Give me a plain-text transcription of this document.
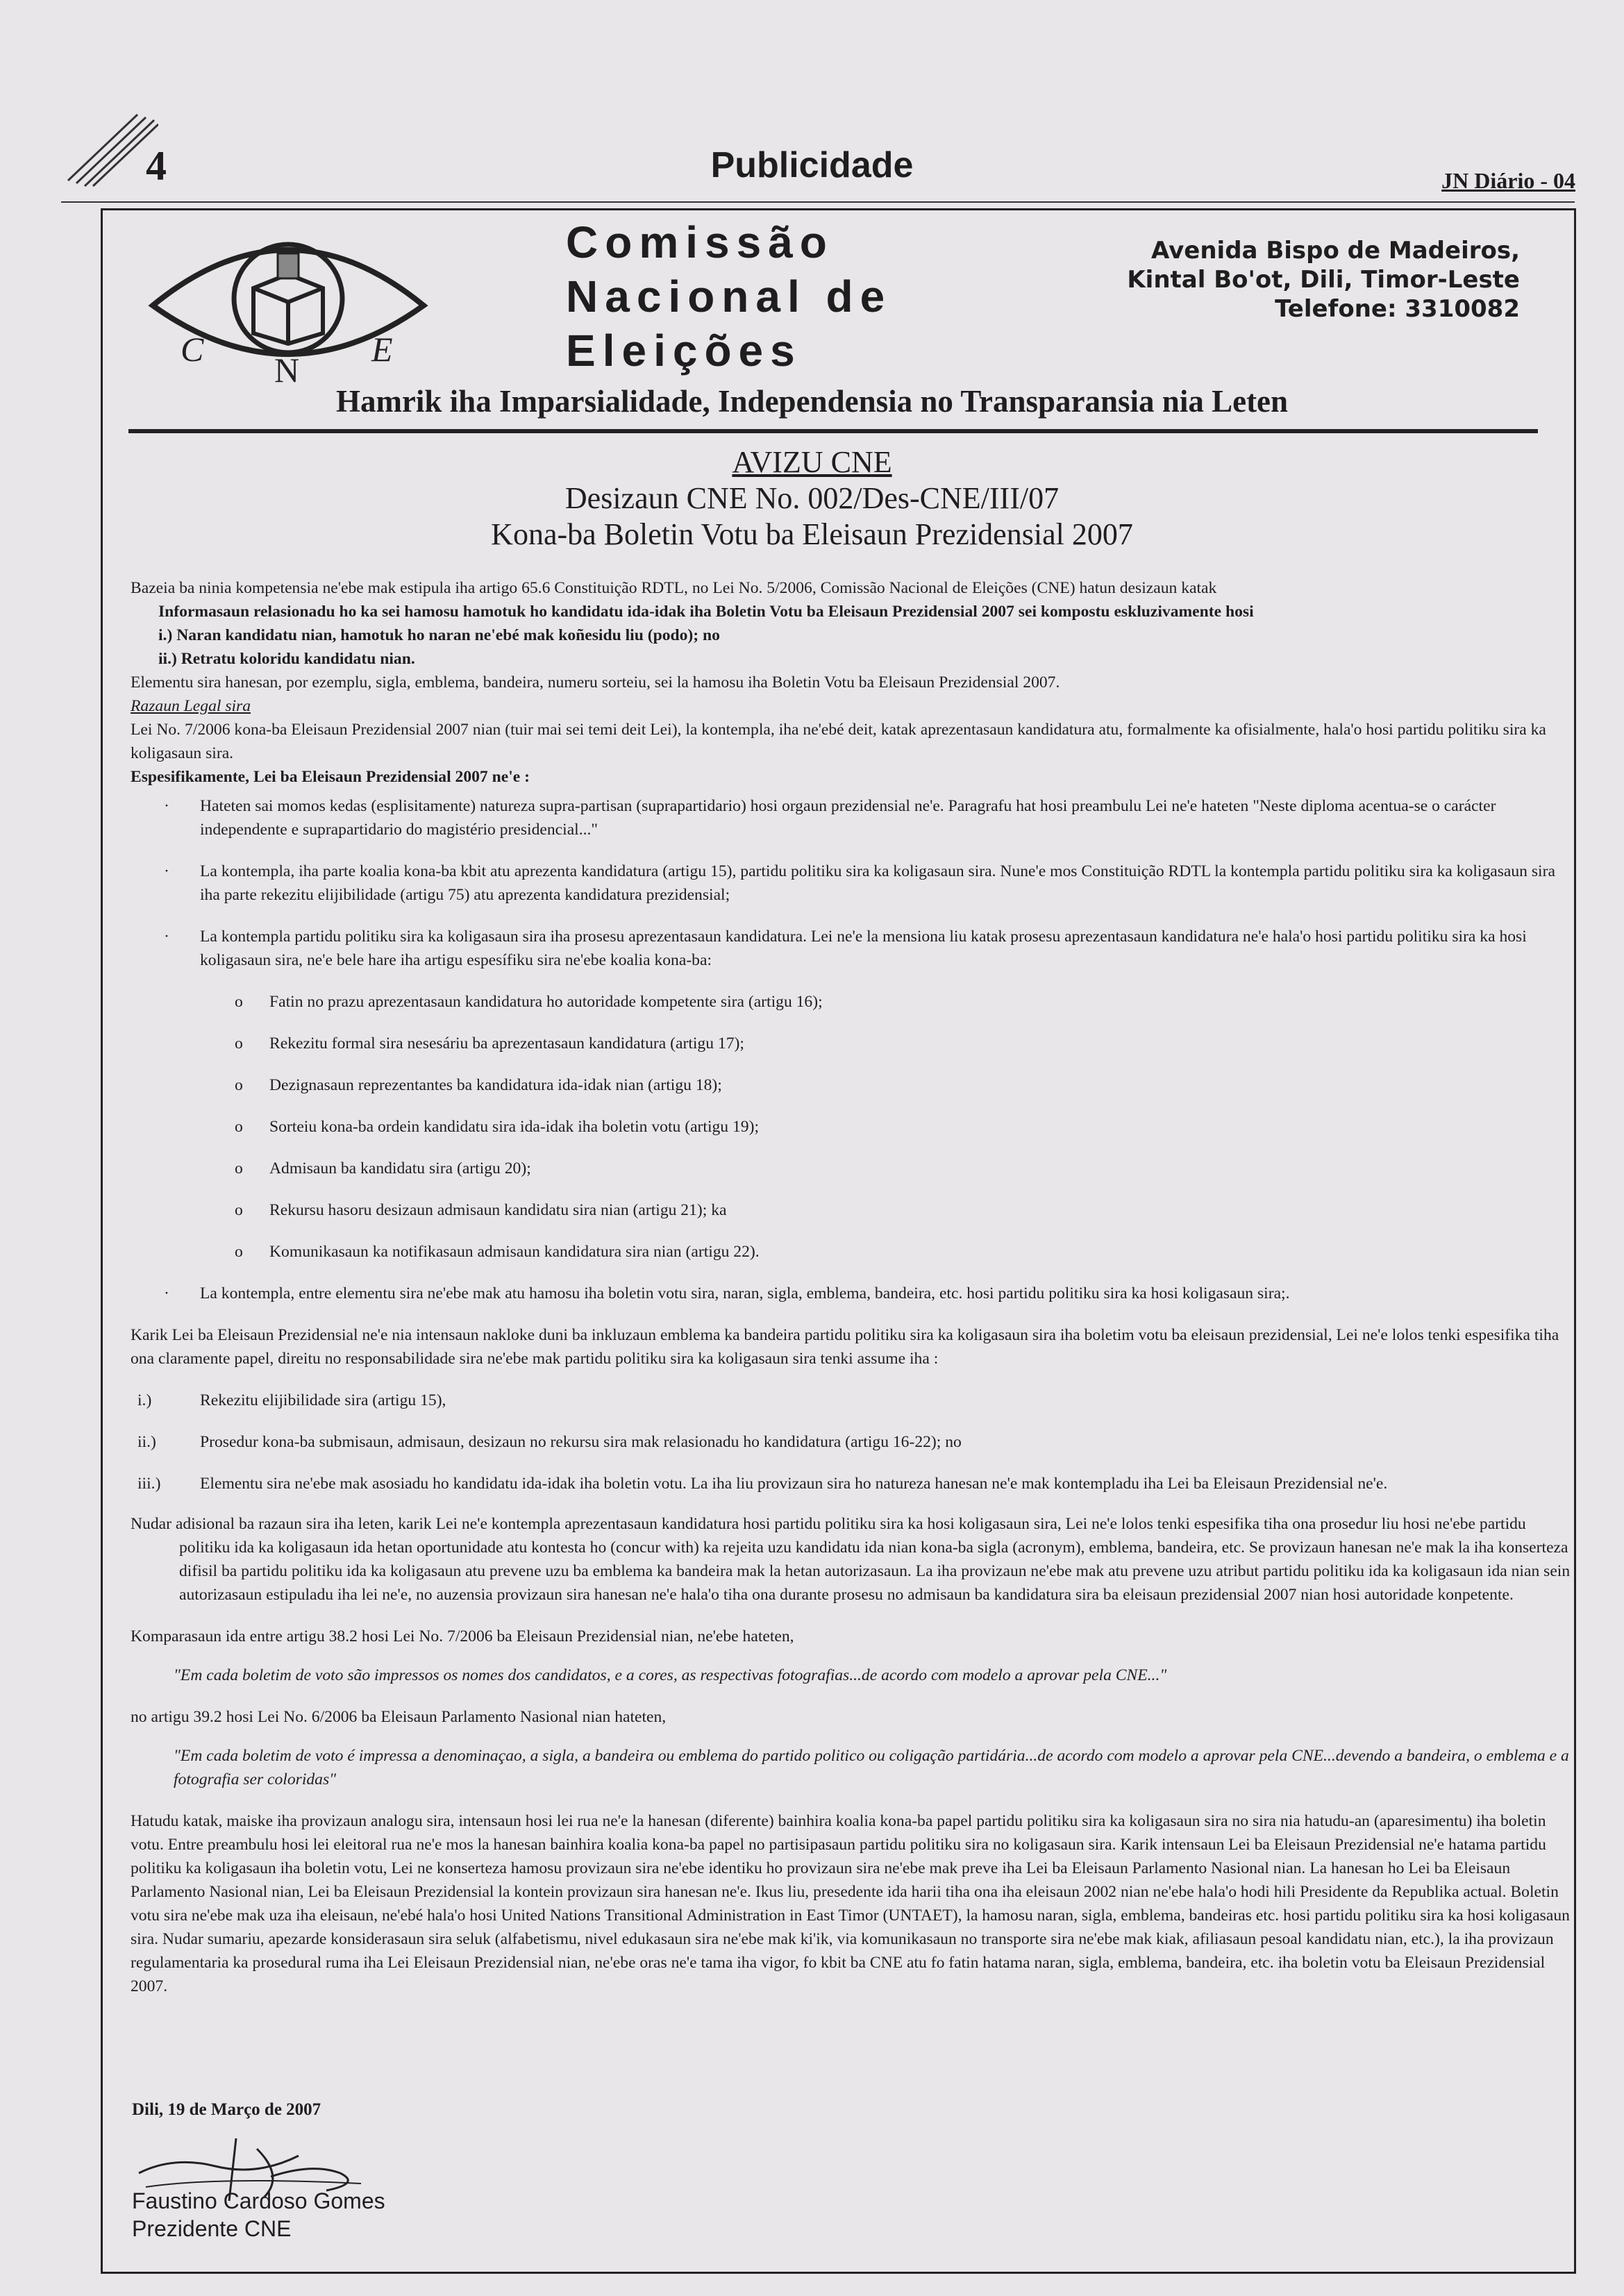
4	Publicidade	JN Diário - 04
C
N
E
Comissão
Nacional de
Eleições
Avenida Bispo de Madeiros,
Kintal Bo'ot, Dili, Timor-Leste
Telefone: 3310082
Hamrik iha Imparsialidade, Independensia no Transparansia nia Leten
AVIZU CNE
Desizaun CNE No. 002/Des-CNE/III/07
Kona-ba Boletin Votu ba Eleisaun Prezidensial 2007

Bazeia ba ninia kompetensia ne'ebe mak estipula iha artigo 65.6 Constituição RDTL, no Lei No. 5/2006, Comissão Nacional de Eleições (CNE) hatun desizaun katak

Informasaun relasionadu ho ka sei hamosu hamotuk ho kandidatu ida-idak iha Boletin Votu ba Eleisaun Prezidensial 2007 sei kompostu eskluzivamente hosi

i.) Naran kandidatu nian, hamotuk ho naran ne'ebé mak koñesidu liu (podo); no

ii.) Retratu koloridu kandidatu nian.

Elementu sira hanesan, por ezemplu, sigla, emblema, bandeira, numeru sorteiu, sei la hamosu iha Boletin Votu ba Eleisaun Prezidensial 2007.

Razaun Legal sira

Lei No. 7/2006 kona-ba Eleisaun Prezidensial 2007 nian (tuir mai sei temi deit Lei), la kontempla, iha ne'ebé deit, katak aprezentasaun kandidatura atu, formalmente ka ofisialmente, hala'o hosi partidu politiku sira ka koligasaun sira.

Espesifikamente, Lei ba Eleisaun Prezidensial 2007 ne'e :

· Hateten sai momos kedas (esplisitamente) natureza supra-partisan (suprapartidario) hosi orgaun prezidensial ne'e. Paragrafu hat hosi preambulu Lei ne'e hateten "Neste diploma acentua-se o carácter independente e suprapartidario do magistério presidencial..."

· La kontempla, iha parte koalia kona-ba kbit atu aprezenta kandidatura (artigu 15), partidu politiku sira ka koligasaun sira. Nune'e mos Constituição RDTL la kontempla partidu politiku sira ka koligasaun sira iha parte rekezitu elijibilidade (artigu 75) atu aprezenta kandidatura prezidensial;

· La kontempla partidu politiku sira ka koligasaun sira iha prosesu aprezentasaun kandidatura. Lei ne'e la mensiona liu katak prosesu aprezentasaun kandidatura ne'e hala'o hosi partidu politiku sira ka hosi koligasaun sira, ne'e bele hare iha artigu espesífiku sira ne'ebe koalia kona-ba:

o Fatin no prazu aprezentasaun kandidatura ho autoridade kompetente sira (artigu 16);

o Rekezitu formal sira nesesáriu ba aprezentasaun kandidatura (artigu 17);

o Dezignasaun reprezentantes ba kandidatura ida-idak nian (artigu 18);

o Sorteiu kona-ba ordein kandidatu sira ida-idak iha boletin votu (artigu 19);

o Admisaun ba kandidatu sira (artigu 20);

o Rekursu hasoru desizaun admisaun kandidatu sira nian (artigu 21); ka

o Komunikasaun ka notifikasaun admisaun kandidatura sira nian (artigu 22).

· La kontempla, entre elementu sira ne'ebe mak atu hamosu iha boletin votu sira, naran, sigla, emblema, bandeira, etc. hosi partidu politiku sira ka hosi koligasaun sira;.

Karik Lei ba Eleisaun Prezidensial ne'e nia intensaun nakloke duni ba inkluzaun emblema ka bandeira partidu politiku sira ka koligasaun sira iha boletim votu ba eleisaun prezidensial, Lei ne'e lolos tenki espesifika tiha ona claramente papel, direitu no responsabilidade sira ne'ebe mak partidu politiku sira ka koligasaun sira tenki assume iha :

i.)	Rekezitu elijibilidade sira (artigu 15),

ii.)	Prosedur kona-ba submisaun, admisaun, desizaun no rekursu sira mak relasionadu ho kandidatura (artigu 16-22); no

iii.) Elementu sira ne'ebe mak asosiadu ho kandidatu ida-idak iha boletin votu. La iha liu provizaun sira ho natureza hanesan ne'e mak kontempladu iha Lei ba Eleisaun Prezidensial ne'e.

Nudar adisional ba razaun sira iha leten, karik Lei ne'e kontempla aprezentasaun kandidatura hosi partidu politiku sira ka hosi koligasaun sira, Lei ne'e lolos tenki espesifika tiha ona prosedur liu hosi ne'ebe partidu politiku ida ka koligasaun ida hetan oportunidade atu kontesta ho (concur with) ka rejeita uzu kandidatu ida nian kona-ba sigla (acronym), emblema, bandeira, etc. Se provizaun hanesan ne'e mak la iha konserteza difisil ba partidu politiku ida ka koligasaun atu prevene uzu ba emblema ka bandeira mak la hetan autorizasaun. La iha provizaun ne'ebe mak atu prevene uzu atribut partidu politiku ida ka koligasaun ida nian sein autorizasaun estipuladu iha lei ne'e, no auzensia provizaun sira hanesan ne'e hala'o tiha ona durante prosesu no admisaun ba kandidatura sira ba eleisaun prezidensial 2007 nian hosi autoridade konpetente.

Komparasaun ida entre artigu 38.2 hosi Lei No. 7/2006 ba Eleisaun Prezidensial nian, ne'ebe hateten,

"Em cada boletim de voto são impressos os nomes dos candidatos, e a cores, as respectivas fotografias...de acordo com modelo a aprovar pela CNE..."

no artigu 39.2 hosi Lei No. 6/2006 ba Eleisaun Parlamento Nasional nian hateten,

"Em cada boletim de voto é impressa a denominaçao, a sigla, a bandeira ou emblema do partido politico ou coligação partidária...de acordo com modelo a aprovar pela CNE...devendo a bandeira, o emblema e a fotografia ser coloridas"

Hatudu katak, maiske iha provizaun analogu sira, intensaun hosi lei rua ne'e la hanesan (diferente) bainhira koalia kona-ba papel partidu politiku sira ka koligasaun sira no sira nia hatudu-an (aparesimentu) iha boletin votu. Entre preambulu hosi lei eleitoral rua ne'e mos la hanesan bainhira koalia kona-ba papel no partisipasaun partidu politiku sira no koligasaun sira. Karik intensaun Lei ba Eleisaun Prezidensial ne'e hatama partidu politiku ka koligasaun iha boletin votu, Lei ne konserteza hamosu provizaun sira ne'ebe identiku ho provizaun sira ne'ebe mak preve iha Lei ba Eleisaun Parlamento Nasional nian. La hanesan ho Lei ba Eleisaun Parlamento Nasional nian, Lei ba Eleisaun Prezidensial la kontein provizaun sira hanesan ne'e. Ikus liu, presedente ida harii tiha ona iha eleisaun 2002 nian ne'ebe hala'o hodi hili Presidente da Republika actual. Boletin votu sira ne'ebe mak uza iha eleisaun, ne'ebé hala'o hosi United Nations Transitional Administration in East Timor (UNTAET), la hamosu naran, sigla, emblema, bandeiras etc. hosi partidu politiku sira ka hosi koligasaun sira. Nudar sumariu, apezarde konsiderasaun sira seluk (alfabetismu, nivel edukasaun sira ne'ebe mak ki'ik, via komunikasaun no transporte sira ne'ebe mak kiak, afiliasaun pesoal kandidatu nian, etc.), la iha provizaun regulamentaria ka prosedural ruma iha Lei Eleisaun Prezidensial nian, ne'ebe oras ne'e tama iha vigor, fo kbit ba CNE atu fo fatin hatama naran, sigla, emblema, bandeira, etc. iha boletin votu ba Eleisaun Prezidensial 2007.

Dili, 19 de Março de 2007
Faustino Cardoso Gomes
Prezidente CNE
